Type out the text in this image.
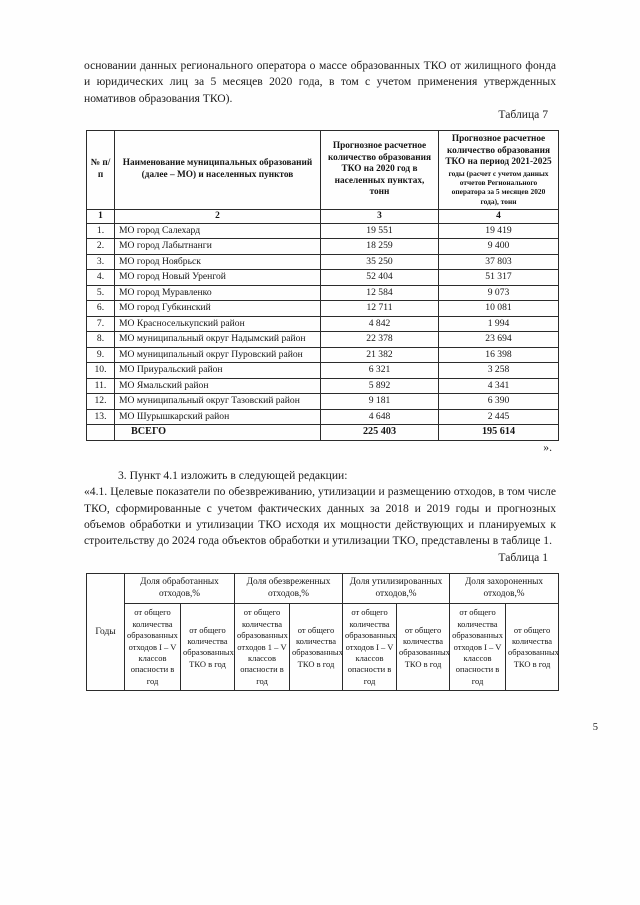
основании данных регионального оператора о массе образованных ТКО от жилищного фонда и юридических лиц за 5 месяцев 2020 года, в том с учетом применения утвержденных номативов образования ТКО).

Таблица 7

№ п/п	Наименование муниципальных образований (далее – МО) и населенных пунктов	Прогнозное расчетное количество образования ТКО на 2020 год в населенных пунктах, тонн	Прогнозное расчетное количество образования ТКО на период 2021-2025
годы (расчет с учетом данных отчетов Регионального оператора за 5 месяцев 2020 года), тонн

1	2	3	4
1.	МО город Салехард	19 551	19 419
2.	МО город Лабытнанги	18 259	9 400
3.	МО город Ноябрьск	35 250	37 803
4.	МО город Новый Уренгой	52 404	51 317
5.	МО город Муравленко	12 584	9 073
6.	МО город Губкинский	12 711	10 081
7.	МО Красноселькупский район	4 842	1 994
8.	МО муниципальный округ Надымский район	22 378	23 694
9.	МО муниципальный округ Пуровский район	21 382	16 398
10.	МО Приуральский район	6 321	3 258
11.	МО Ямальский район	5 892	4 341
12.	МО муниципальный округ Тазовский район	9 181	6 390
13.	МО Шурышкарский район	4 648	2 445
	ВСЕГО	225 403	195 614

».

3. Пункт 4.1 изложить в следующей редакции:

«4.1. Целевые показатели по обезвреживанию, утилизации и размещению отходов, в том числе ТКО, сформированные с учетом фактических данных за 2018 и 2019 годы и прогнозных объемов обработки и утилизации ТКО исходя их мощности действующих и планируемых к строительству до 2024 года объектов обработки и утилизации ТКО, представлены в таблице 1.

Таблица 1

Годы	Доля обработанных отходов,%		Доля обезвреженных отходов,%		Доля утилизированных отходов,%		Доля захороненных отходов,%	
	от общего количества образованных отходов I – V классов опасности в год	от общего количества образованных ТКО в год	от общего количества образованных отходов 1 – V классов опасности в год	от общего количества образованных ТКО в год	от общего количества образованных отходов I – V классов опасности в год	от общего количества образованных ТКО в год	от общего количества образованных отходов I – V классов опасности в год	от общего количества образованных ТКО в год
5
